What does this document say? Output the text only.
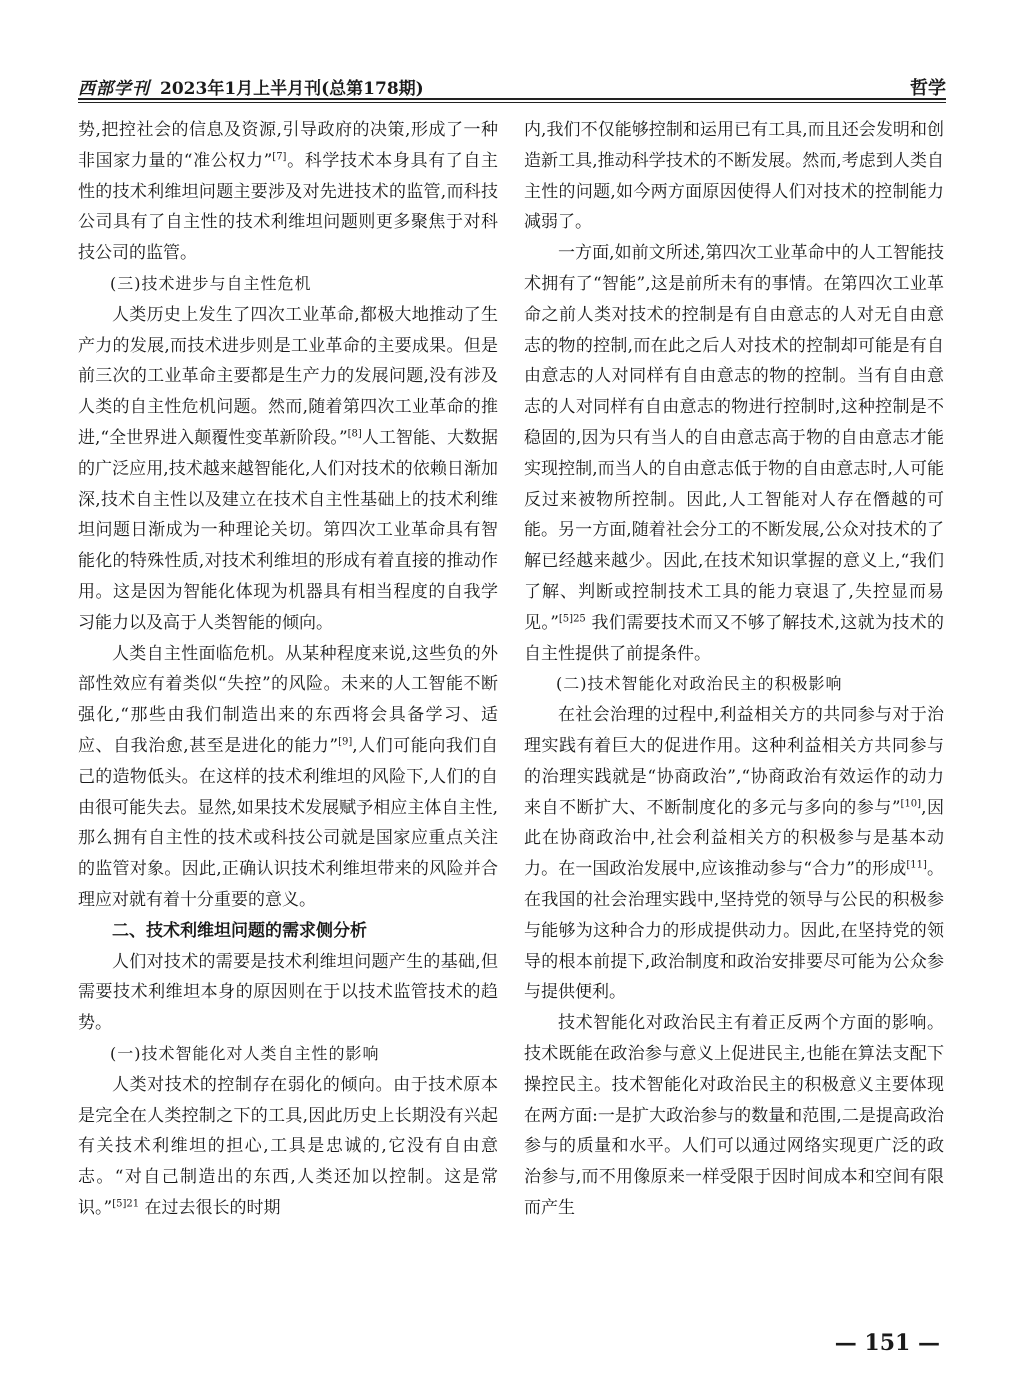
西部学刊 2023年1月上半月刊(总第178期)	哲学

势,把控社会的信息及资源,引导政府的决策,形成了一种非国家力量的“准公权力”[7]。科学技术本身具有了自主性的技术利维坦问题主要涉及对先进技术的监管,而科技公司具有了自主性的技术利维坦问题则更多聚焦于对科技公司的监管。

(三)技术进步与自主性危机

人类历史上发生了四次工业革命,都极大地推动了生产力的发展,而技术进步则是工业革命的主要成果。但是前三次的工业革命主要都是生产力的发展问题,没有涉及人类的自主性危机问题。然而,随着第四次工业革命的推进,“全世界进入颠覆性变革新阶段。”[8]人工智能、大数据的广泛应用,技术越来越智能化,人们对技术的依赖日渐加深,技术自主性以及建立在技术自主性基础上的技术利维坦问题日渐成为一种理论关切。第四次工业革命具有智能化的特殊性质,对技术利维坦的形成有着直接的推动作用。这是因为智能化体现为机器具有相当程度的自我学习能力以及高于人类智能的倾向。

人类自主性面临危机。从某种程度来说,这些负的外部性效应有着类似“失控”的风险。未来的人工智能不断强化,“那些由我们制造出来的东西将会具备学习、适应、自我治愈,甚至是进化的能力”[9],人们可能向我们自己的造物低头。在这样的技术利维坦的风险下,人们的自由很可能失去。显然,如果技术发展赋予相应主体自主性,那么拥有自主性的技术或科技公司就是国家应重点关注的监管对象。因此,正确认识技术利维坦带来的风险并合理应对就有着十分重要的意义。

二、技术利维坦问题的需求侧分析

人们对技术的需要是技术利维坦问题产生的基础,但需要技术利维坦本身的原因则在于以技术监管技术的趋势。

(一)技术智能化对人类自主性的影响

人类对技术的控制存在弱化的倾向。由于技术原本是完全在人类控制之下的工具,因此历史上长期没有兴起有关技术利维坦的担心,工具是忠诚的,它没有自由意志。“对自己制造出的东西,人类还加以控制。这是常识。”$^{[5]21}$ 在过去很长的时期

内,我们不仅能够控制和运用已有工具,而且还会发明和创造新工具,推动科学技术的不断发展。然而,考虑到人类自主性的问题,如今两方面原因使得人们对技术的控制能力减弱了。

一方面,如前文所述,第四次工业革命中的人工智能技术拥有了“智能”,这是前所未有的事情。在第四次工业革命之前人类对技术的控制是有自由意志的人对无自由意志的物的控制,而在此之后人对技术的控制却可能是有自由意志的人对同样有自由意志的物的控制。当有自由意志的人对同样有自由意志的物进行控制时,这种控制是不稳固的,因为只有当人的自由意志高于物的自由意志才能实现控制,而当人的自由意志低于物的自由意志时,人可能反过来被物所控制。因此,人工智能对人存在僭越的可能。另一方面,随着社会分工的不断发展,公众对技术的了解已经越来越少。因此,在技术知识掌握的意义上,“我们了解、判断或控制技术工具的能力衰退了,失控显而易见。”$^{[5]25}$ 我们需要技术而又不够了解技术,这就为技术的自主性提供了前提条件。

(二)技术智能化对政治民主的积极影响

在社会治理的过程中,利益相关方的共同参与对于治理实践有着巨大的促进作用。这种利益相关方共同参与的治理实践就是“协商政治”,“协商政治有效运作的动力来自不断扩大、不断制度化的多元与多向的参与”[10],因此在协商政治中,社会利益相关方的积极参与是基本动力。在一国政治发展中,应该推动参与“合力”的形成[11]。在我国的社会治理实践中,坚持党的领导与公民的积极参与能够为这种合力的形成提供动力。因此,在坚持党的领导的根本前提下,政治制度和政治安排要尽可能为公众参与提供便利。

技术智能化对政治民主有着正反两个方面的影响。技术既能在政治参与意义上促进民主,也能在算法支配下操控民主。技术智能化对政治民主的积极意义主要体现在两方面:一是扩大政治参与的数量和范围,二是提高政治参与的质量和水平。人们可以通过网络实现更广泛的政治参与,而不用像原来一样受限于因时间成本和空间有限而产生

— 151 —
